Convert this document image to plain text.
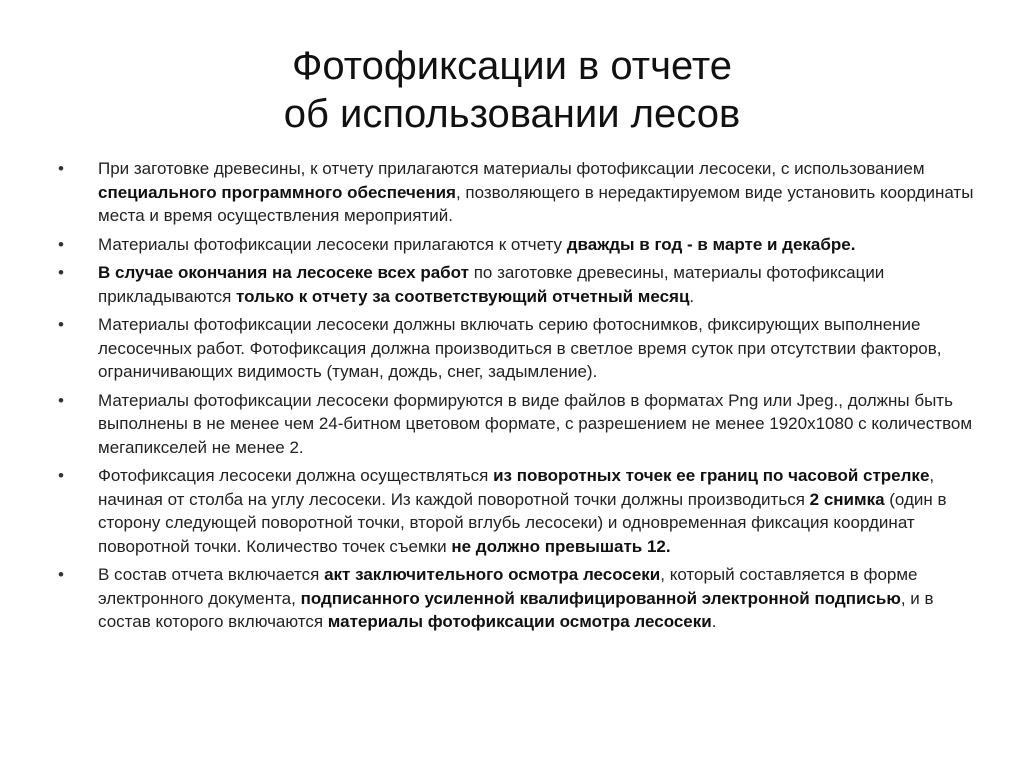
Фотофиксации в отчете
об использовании лесов
• При заготовке древесины, к отчету прилагаются материалы фотофиксации лесосеки, с использованием специального программного обеспечения, позволяющего в нередактируемом виде установить координаты места и время осуществления мероприятий.
• Материалы фотофиксации лесосеки прилагаются к отчету дважды в год - в марте и декабре.
• В случае окончания на лесосеке всех работ по заготовке древесины, материалы фотофиксации прикладываются только к отчету за соответствующий отчетный месяц.
• Материалы фотофиксации лесосеки должны включать серию фотоснимков, фиксирующих выполнение лесосечных работ. Фотофиксация должна производиться в светлое время суток при отсутствии факторов, ограничивающих видимость (туман, дождь, снег, задымление).
• Материалы фотофиксации лесосеки формируются в виде файлов в форматах Png или Jpeg., должны быть выполнены в не менее чем 24-битном цветовом формате, с разрешением не менее 1920x1080 с количеством мегапикселей не менее 2.
• Фотофиксация лесосеки должна осуществляться из поворотных точек ее границ по часовой стрелке, начиная от столба на углу лесосеки. Из каждой поворотной точки должны производиться 2 снимка (один в сторону следующей поворотной точки, второй вглубь лесосеки) и одновременная фиксация координат поворотной точки. Количество точек съемки не должно превышать 12.
• В состав отчета включается акт заключительного осмотра лесосеки, который составляется в форме электронного документа, подписанного усиленной квалифицированной электронной подписью, и в состав которого включаются материалы фотофиксации осмотра лесосеки.
